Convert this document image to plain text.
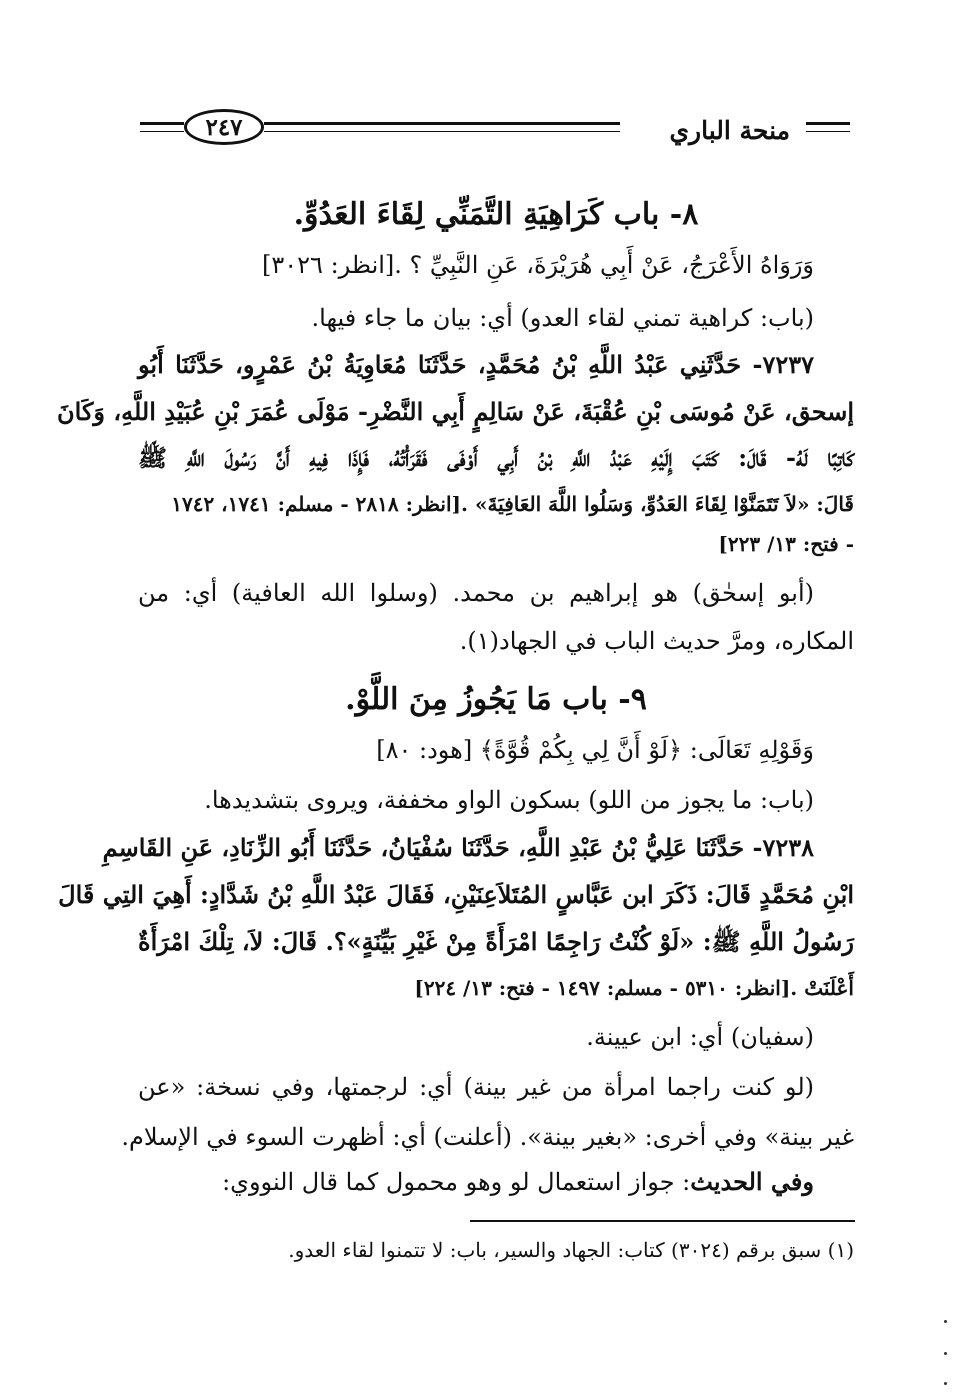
٢٤٧	منحة الباري
٨- باب كَرَاهِيَةِ التَّمَنِّي لِقَاءَ العَدُوِّ.
وَرَوَاهُ الأَعْرَجُ، عَنْ أَبِي هُرَيْرَةَ، عَنِ النَّبِيِّ ؟ .[انظر: ٣٠٢٦]
(باب: كراهية تمني لقاء العدو) أي: بيان ما جاء فيها.
٧٢٣٧- حَدَّثَنِي عَبْدُ اللَّهِ بْنُ مُحَمَّدٍ، حَدَّثَنَا مُعَاوِيَةُ بْنُ عَمْرٍو، حَدَّثَنَا أَبُو
إسحق، عَنْ مُوسَى بْنِ عُقْبَةَ، عَنْ سَالِمٍ أَبِي النَّضْرِ- مَوْلَى عُمَرَ بْنِ عُبَيْدِ اللَّهِ، وَكَانَ
كَاتِبًا لَهُ- قَالَ: كَتَبَ إِلَيْهِ عَبْدُ اللَّهِ بْنُ أَبِي أَوْفَى فَقَرَأْتُهُ، فَإِذَا فِيهِ أَنَّ رَسُولَ اللَّهِ ﷺ
قَالَ: «لاَ تَتَمَنَّوْا لِقَاءَ العَدُوِّ، وَسَلُوا اللَّهَ العَافِيَةَ» .[انظر: ٢٨١٨ - مسلم: ١٧٤١، ١٧٤٢
- فتح: ١٣/ ٢٢٣]
(أبو إسحٰق) هو إبراهيم بن محمد. (وسلوا الله العافية) أي: من
المكاره، ومرَّ حديث الباب في الجهاد(١).
٩- باب مَا يَجُوزُ مِنَ اللَّوْ.
وَقَوْلِهِ تَعَالَى: ﴿لَوْ أَنَّ لِي بِكُمْ قُوَّةً﴾ [هود: ٨٠]
(باب: ما يجوز من اللو) بسكون الواو مخففة، ويروى بتشديدها.
٧٢٣٨- حَدَّثَنَا عَلِيُّ بْنُ عَبْدِ اللَّهِ، حَدَّثَنَا سُفْيَانُ، حَدَّثَنَا أَبُو الزِّنَادِ، عَنِ القَاسِمِ
ابْنِ مُحَمَّدٍ قَالَ: ذَكَرَ ابن عَبَّاسٍ المُتَلاَعِنَيْنِ، فَقَالَ عَبْدُ اللَّهِ بْنُ شَدَّادٍ: أَهِيَ التِي قَالَ
رَسُولُ اللَّهِ ﷺ: «لَوْ كُنْتُ رَاجِمًا امْرَأَةً مِنْ غَيْرِ بَيِّنَةٍ»؟. قَالَ: لاَ، تِلْكَ امْرَأَةٌ
أَعْلَنَتْ .[انظر: ٥٣١٠ - مسلم: ١٤٩٧ - فتح: ١٣/ ٢٢٤]
(سفيان) أي: ابن عيينة.
(لو كنت راجما امرأة من غير بينة) أي: لرجمتها، وفي نسخة: «عن
غير بينة» وفي أخرى: «بغير بينة». (أعلنت) أي: أظهرت السوء في الإسلام.
وفي الحديث: جواز استعمال لو وهو محمول كما قال النووي:
(١) سبق برقم (٣٠٢٤) كتاب: الجهاد والسير، باب: لا تتمنوا لقاء العدو.
